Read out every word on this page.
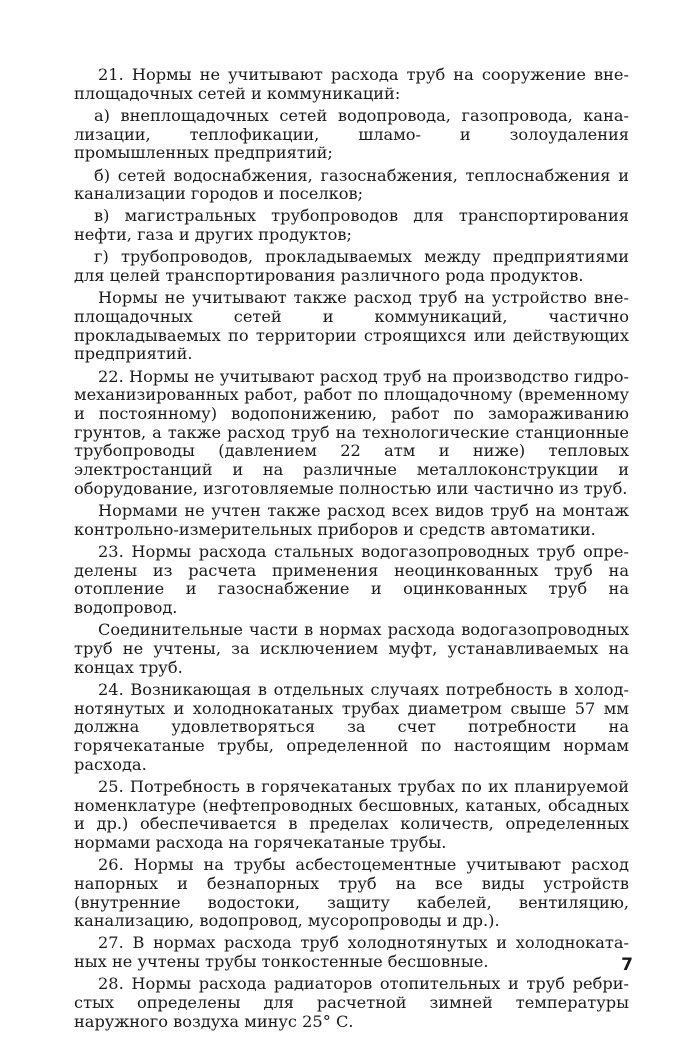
21. Нормы не учитывают расхода труб на сооружение внеплощадочных сетей и коммуникаций:

а) внеплощадочных сетей водопровода, газопровода, канализации, теплофикации, шламо- и золоудаления промышленных предприятий;

б) сетей водоснабжения, газоснабжения, теплоснабжения и канализации городов и поселков;

в) магистральных трубопроводов для транспортирования нефти, газа и других продуктов;

г) трубопроводов, прокладываемых между предприятиями для целей транспортирования различного рода продуктов.

Нормы не учитывают также расход труб на устройство внеплощадочных сетей и коммуникаций, частично прокладываемых по территории строящихся или действующих предприятий.

22. Нормы не учитывают расход труб на производство гидромеханизированных работ, работ по площадочному (временному и постоянному) водопонижению, работ по замораживанию грунтов, а также расход труб на технологические станционные трубопроводы (давлением 22 атм и ниже) тепловых электростанций и на различные металлоконструкции и оборудование, изготовляемые полностью или частично из труб.

Нормами не учтен также расход всех видов труб на монтаж контрольно-измерительных приборов и средств автоматики.

23. Нормы расхода стальных водогазопроводных труб определены из расчета применения неоцинкованных труб на отопление и газоснабжение и оцинкованных труб на водопровод.

Соединительные части в нормах расхода водогазопроводных труб не учтены, за исключением муфт, устанавливаемых на концах труб.

24. Возникающая в отдельных случаях потребность в холоднотянутых и холоднокатаных трубах диаметром свыше 57 мм должна удовлетворяться за счет потребности на горячекатаные трубы, определенной по настоящим нормам расхода.

25. Потребность в горячекатаных трубах по их планируемой номенклатуре (нефтепроводных бесшовных, катаных, обсадных и др.) обеспечивается в пределах количеств, определенных нормами расхода на горячекатаные трубы.

26. Нормы на трубы асбестоцементные учитывают расход напорных и безнапорных труб на все виды устройств (внутренние водостоки, защиту кабелей, вентиляцию, канализацию, водопровод, мусоропроводы и др.).

27. В нормах расхода труб холоднотянутых и холоднокатaных не учтены трубы тонкостенные бесшовные.

28. Нормы расхода радиаторов отопительных и труб ребристых определены для расчетной зимней температуры наружного воздуха минус 25° С.

7
